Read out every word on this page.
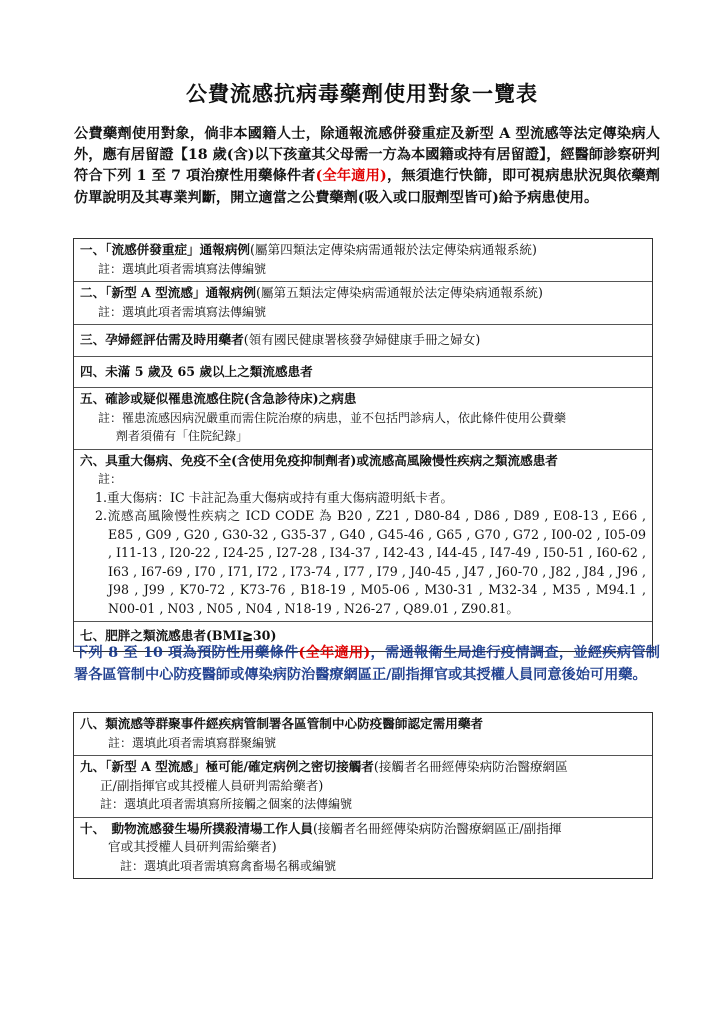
公費流感抗病毒藥劑使用對象一覽表
公費藥劑使用對象，倘非本國籍人士，除通報流感併發重症及新型 A 型流感等法定傳染病人外，應有居留證【18 歲(含)以下孩童其父母需一方為本國籍或持有居留證】，經醫師診察研判符合下列 1 至 7 項治療性用藥條件者(全年適用)，無須進行快篩，即可視病患狀況與依藥劑仿單說明及其專業判斷，開立適當之公費藥劑(吸入或口服劑型皆可)給予病患使用。
一、「流感併發重症」通報病例(屬第四類法定傳染病需通報於法定傳染病通報系統)
註：選填此項者需填寫法傳編號
二、「新型 A 型流感」通報病例(屬第五類法定傳染病需通報於法定傳染病通報系統)
註：選填此項者需填寫法傳編號
三、孕婦經評估需及時用藥者(領有國民健康署核發孕婦健康手冊之婦女)
四、未滿 5 歲及 65 歲以上之類流感患者
五、確診或疑似罹患流感住院(含急診待床)之病患
註：罹患流感因病況嚴重而需住院治療的病患，並不包括門診病人，依此條件使用公費藥
劑者須備有「住院紀錄」
六、具重大傷病、免疫不全(含使用免疫抑制劑者)或流感高風險慢性疾病之類流感患者
註：
1.重大傷病：IC 卡註記為重大傷病或持有重大傷病證明紙卡者。
2.流感高風險慢性疾病之 ICD CODE 為 B20 , Z21 , D80-84 , D86 , D89 , E08-13 , E66 , E85 , G09 , G20 , G30-32 , G35-37 , G40 , G45-46 , G65 , G70 , G72 , I00-02 , I05-09 , I11-13 , I20-22 , I24-25 , I27-28 , I34-37 , I42-43 , I44-45 , I47-49 , I50-51 , I60-62 , I63 , I67-69 , I70 , I71, I72 , I73-74 , I77 , I79 , J40-45 , J47 , J60-70 , J82 , J84 , J96 , J98 , J99 , K70-72 , K73-76 , B18-19 , M05-06 , M30-31 , M32-34 , M35 , M94.1 , N00-01 , N03 , N05 , N04 , N18-19 , N26-27 , Q89.01 , Z90.81。
七、肥胖之類流感患者(BMI≧30)
下列 8 至 10 項為預防性用藥條件(全年適用)，需通報衛生局進行疫情調查，並經疾病管制署各區管制中心防疫醫師或傳染病防治醫療網區正/副指揮官或其授權人員同意後始可用藥。
八、類流感等群聚事件經疾病管制署各區管制中心防疫醫師認定需用藥者
註：選填此項者需填寫群聚編號
九、「新型 A 型流感」極可能/確定病例之密切接觸者(接觸者名冊經傳染病防治醫療網區
正/副指揮官或其授權人員研判需給藥者)
註：選填此項者需填寫所接觸之個案的法傳編號
十、　動物流感發生場所撲殺清場工作人員(接觸者名冊經傳染病防治醫療網區正/副指揮
官或其授權人員研判需給藥者)
註：選填此項者需填寫禽畜場名稱或編號
